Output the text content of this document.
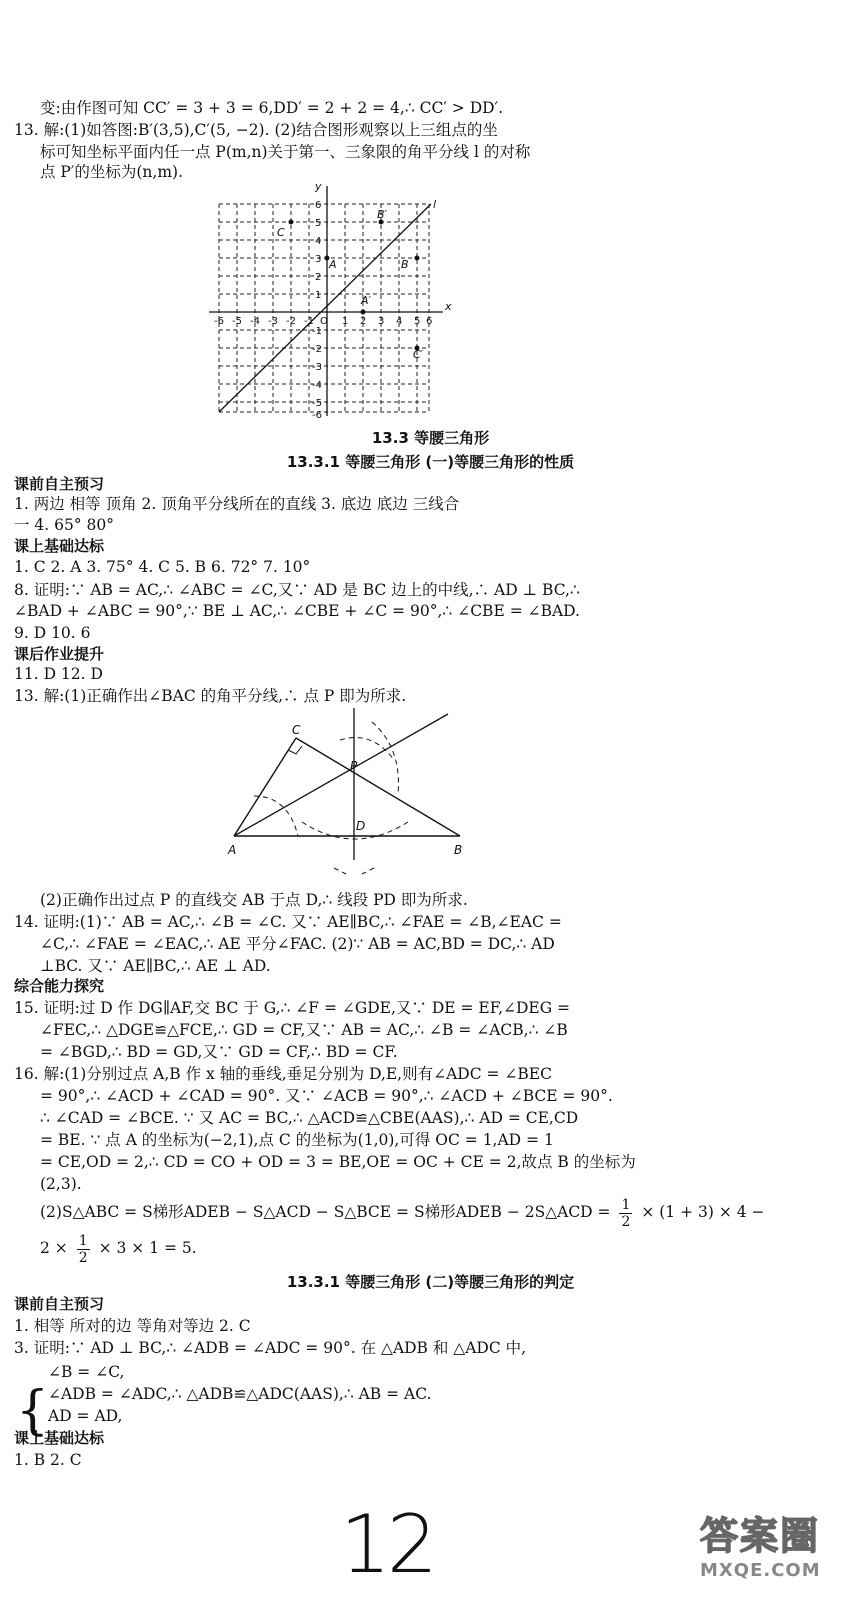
变:由作图可知 CC′ = 3 + 3 = 6,DD′ = 2 + 2 = 4,∴ CC′ > DD′.
13. 解:(1)如答图:B′(3,5),C′(5, −2). (2)结合图形观察以上三组点的坐
标可知坐标平面内任一点 P(m,n)关于第一、三象限的角平分线 l 的对称
点 P′的坐标为(n,m).
x
y
l
C
B′
A	B
A′
C′
-6 -5 -4 -3 -2 -1 O 1 2 3 4 5 6
6
5
4
3
2
1
-1
-2
-3
-4
-5
-6
13.3 等腰三角形
13.3.1 等腰三角形 (一)等腰三角形的性质
课前自主预习
1. 两边 相等 顶角 2. 顶角平分线所在的直线 3. 底边 底边 三线合
一 4. 65° 80°
课上基础达标
1. C 2. A 3. 75° 4. C 5. B 6. 72° 7. 10°
8. 证明:∵ AB = AC,∴ ∠ABC = ∠C,又∵ AD 是 BC 边上的中线,∴ AD ⊥ BC,∴
∠BAD + ∠ABC = 90°,∵ BE ⊥ AC,∴ ∠CBE + ∠C = 90°,∴ ∠CBE = ∠BAD.
9. D 10. 6
课后作业提升
11. D 12. D
13. 解:(1)正确作出∠BAC 的角平分线,∴ 点 P 即为所求.
C
P
D
A	B
(2)正确作出过点 P 的直线交 AB 于点 D,∴ 线段 PD 即为所求.
14. 证明:(1)∵ AB = AC,∴ ∠B = ∠C. 又∵ AE∥BC,∴ ∠FAE = ∠B,∠EAC =
∠C,∴ ∠FAE = ∠EAC,∴ AE 平分∠FAC. (2)∵ AB = AC,BD = DC,∴ AD
⊥BC. 又∵ AE∥BC,∴ AE ⊥ AD.
综合能力探究
15. 证明:过 D 作 DG∥AF,交 BC 于 G,∴ ∠F = ∠GDE,又∵ DE = EF,∠DEG =
∠FEC,∴ △DGE≌△FCE,∴ GD = CF,又∵ AB = AC,∴ ∠B = ∠ACB,∴ ∠B
= ∠BGD,∴ BD = GD,又∵ GD = CF,∴ BD = CF.
16. 解:(1)分别过点 A,B 作 x 轴的垂线,垂足分别为 D,E,则有∠ADC = ∠BEC
= 90°,∴ ∠ACD + ∠CAD = 90°. 又∵ ∠ACB = 90°,∴ ∠ACD + ∠BCE = 90°.
∴ ∠CAD = ∠BCE. ∵ 又 AC = BC,∴ △ACD≌△CBE(AAS),∴ AD = CE,CD
= BE. ∵ 点 A 的坐标为(−2,1),点 C 的坐标为(1,0),可得 OC = 1,AD = 1
= CE,OD = 2,∴ CD = CO + OD = 3 = BE,OE = OC + CE = 2,故点 B 的坐标为
(2,3).
(2)S△ABC = S梯形ADEB − S△ACD − S△BCE = S梯形ADEB − 2S△ACD = $\frac{1}{2} \times (1 + 3) \times 4$ −
$2 \times \frac{1}{2} \times 3 \times 1 = 5$.
13.3.1 等腰三角形 (二)等腰三角形的判定
课前自主预习
1. 相等 所对的边 等角对等边 2. C
3. 证明:∵ AD ⊥ BC,∴ ∠ADB = ∠ADC = 90°. 在 △ADB 和 △ADC 中,
{
∠B = ∠C,
∠ADB = ∠ADC,∴ △ADB≌△ADC(AAS),∴ AB = AC.
AD = AD,
课上基础达标
1. B 2. C
12	答案圈
MXQE.COM
